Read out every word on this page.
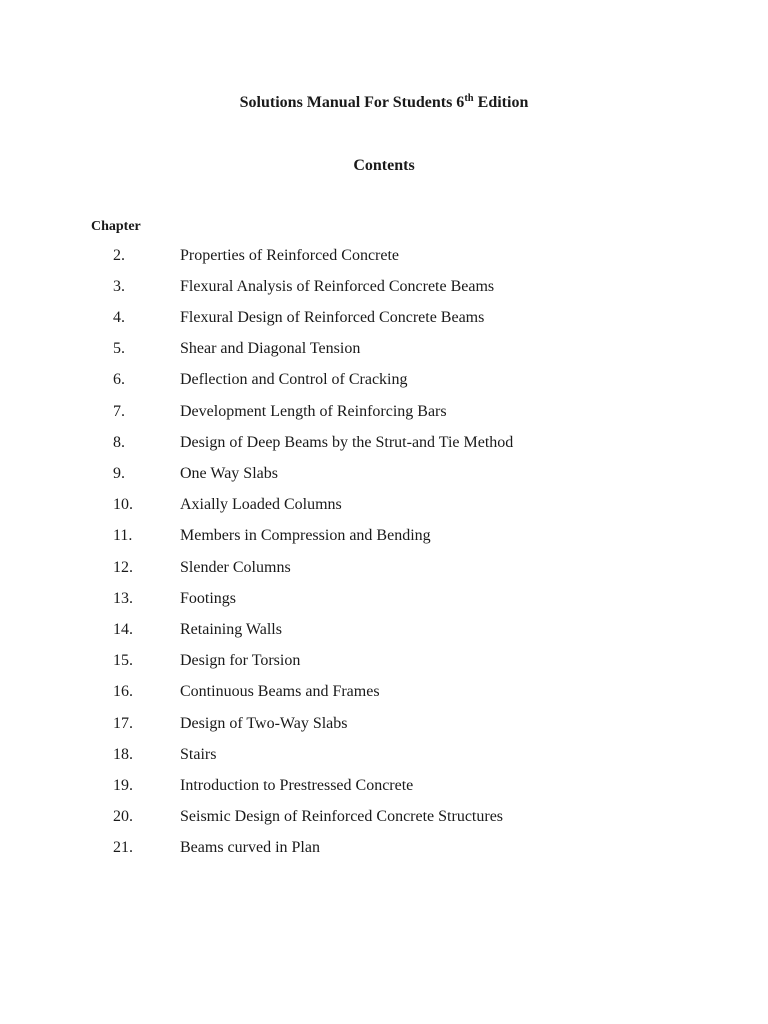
Solutions Manual For Students 6th Edition
Contents
Chapter
2.	Properties of Reinforced Concrete
3.	Flexural Analysis of Reinforced Concrete Beams
4.	Flexural Design of Reinforced Concrete Beams
5.	Shear and Diagonal Tension
6.	Deflection and Control of Cracking
7.	Development Length of Reinforcing Bars
8.	Design of Deep Beams by the Strut-and Tie Method
9.	One Way Slabs
10.	Axially Loaded Columns
11.	Members in Compression and Bending
12.	Slender Columns
13.	Footings
14.	Retaining Walls
15.	Design for Torsion
16.	Continuous Beams and Frames
17.	Design of Two-Way Slabs
18.	Stairs
19.	Introduction to Prestressed Concrete
20.	Seismic Design of Reinforced Concrete Structures
21.	Beams curved in Plan
